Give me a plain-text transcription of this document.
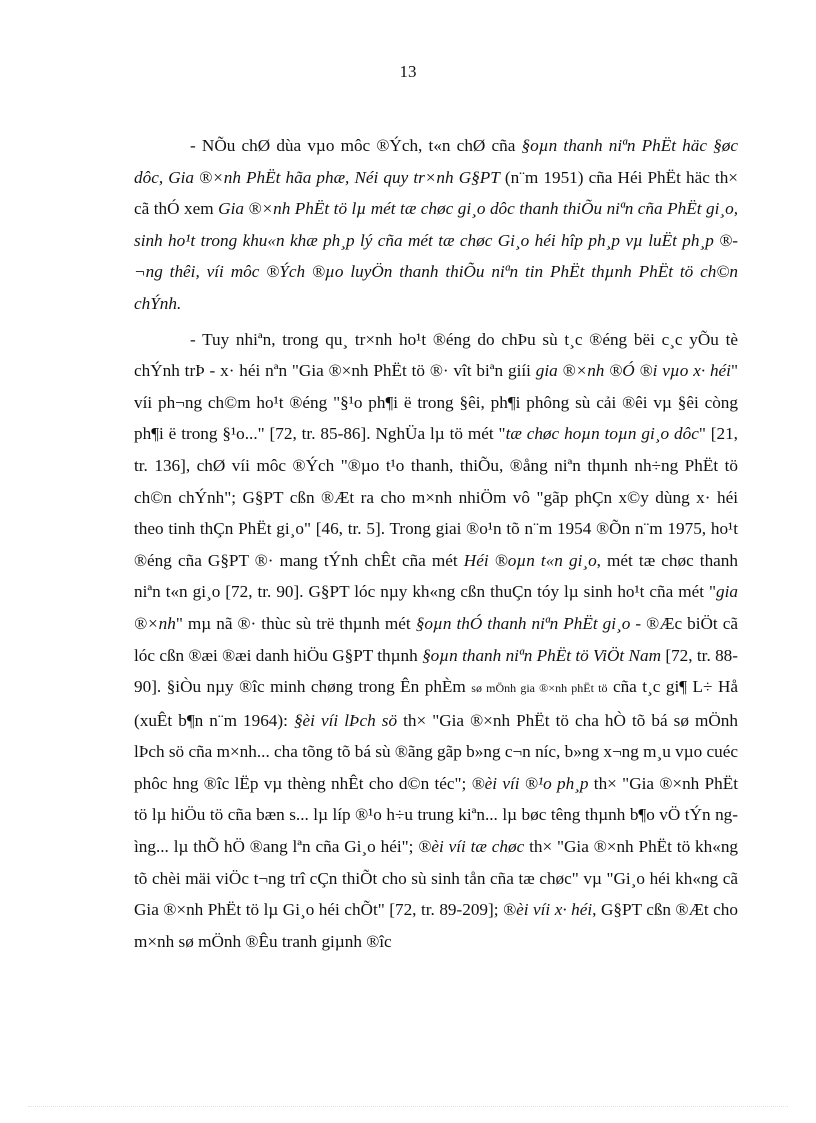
13

- NÕu chØ dùa vµo môc ®Ých, t«n chØ cña §oµn thanh niªn PhËt häc §øc dôc, Gia ®×nh PhËt hãa phæ, Néi quy tr×nh G§PT (n¨m 1951) cña Héi PhËt häc th× cã thÓ xem Gia ®×nh PhËt tö lµ mét tæ chøc gi¸o dôc thanh thiÕu niªn cña PhËt gi¸o, sinh ho¹t trong khu«n khæ ph¸p lý cña mét tæ chøc Gi¸o héi hîp ph¸p vµ luËt ph¸p ®¬ng thêi, víi môc ®Ých ®µo luyÖn thanh thiÕu niªn tin PhËt thµnh PhËt tö ch©n chÝnh.

- Tuy nhiªn, trong qu¸ tr×nh ho¹t ®éng do chÞu sù t¸c ®éng bëi c¸c yÕu tè chÝnh trÞ - x· héi nªn "Gia ®×nh PhËt tö ®· vît biªn giíi gia ®×nh ®Ó ®i vµo x· héi" víi ph¬ng ch©m ho¹t ®éng "§¹o ph¶i ë trong §êi, ph¶i phông sù cải ®êi vµ §êi còng ph¶i ë trong §¹o..." [72, tr. 85-86]. NghÜa lµ tö mét "tæ chøc hoµn toµn gi¸o dôc" [21, tr. 136], chØ víi môc ®Ých "®µo t¹o thanh, thiÕu, ®ång niªn thµnh nh÷ng PhËt tö ch©n chÝnh"; G§PT cßn ®Æt ra cho m×nh nhiÖm vô "gãp phÇn x©y dùng x· héi theo tinh thÇn PhËt gi¸o" [46, tr. 5]. Trong giai ®o¹n tõ n¨m 1954 ®Õn n¨m 1975, ho¹t ®éng cña G§PT ®· mang tÝnh chÊt cña mét Héi ®oµn t«n gi¸o, mét tæ chøc thanh niªn t«n gi¸o [72, tr. 90]. G§PT lóc nµy kh«ng cßn thuÇn tóy lµ sinh ho¹t cña mét "gia ®×nh" mµ nã ®· thùc sù trë thµnh mét §oµn thÓ thanh niªn PhËt gi¸o - ®Æc biÖt cã lóc cßn ®æi ®æi danh hiÖu G§PT thµnh §oµn thanh niªn PhËt tö ViÖt Nam [72, tr. 88-90]. §iÒu nµy ®îc minh chøng trong Ên phÈm sø mÖnh gia ®×nh phËt tö cña t¸c gi¶ L÷ Hå (xuÊt b¶n n¨m 1964): §èi víi lÞch sö th× "Gia ®×nh PhËt tö cha hÒ tõ bá sø mÖnh lÞch sö cña m×nh... cha tõng tõ bá sù ®ãng gãp b»ng c¬n níc, b»ng x¬ng m¸u vµo cuéc phôc hng ®îc lËp vµ thèng nhÊt cho d©n téc"; ®èi víi ®¹o ph¸p th× "Gia ®×nh PhËt tö lµ hiÖu tö cña bæn s... lµ líp ®¹o h÷u trung kiªn... lµ bøc têng thµnh b¶o vÖ tÝn ngìng... lµ thÕ hÖ ®ang lªn cña Gi¸o héi"; ®èi víi tæ chøc th× "Gia ®×nh PhËt tö kh«ng tõ chèi mäi viÖc t¬ng trî cÇn thiÕt cho sù sinh tån cña tæ chøc" vµ "Gi¸o héi kh«ng cã Gia ®×nh PhËt tö lµ Gi¸o héi chÕt" [72, tr. 89-209]; ®èi víi x· héi, G§PT cßn ®Æt cho m×nh sø mÖnh ®Êu tranh giµnh ®îc
